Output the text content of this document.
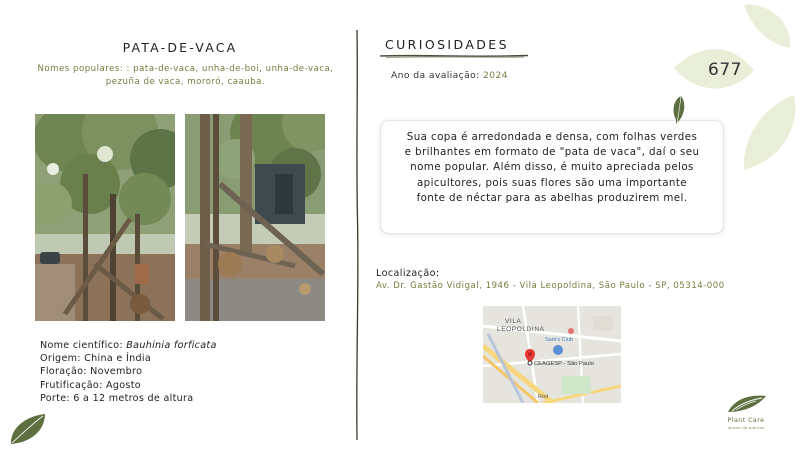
PATA-DE-VACA
Nomes populares: : pata-de-vaca, unha-de-boi, unha-de-vaca, pezuña de vaca, mororó, caauba.
Nome científico: Bauhinia forficata
Origem: China e Índia
Floração: Novembro
Frutificação: Agosto
Porte: 6 a 12 metros de altura
CURIOSIDADES
Ano da avaliação: 2024

Sua copa é arredondada e densa, com folhas verdes e brilhantes em formato de "pata de vaca", daí o seu nome popular. Além disso, é muito apreciada pelos apicultores, pois suas flores são uma importante fonte de néctar para as abelhas produzirem mel.

Localização:
Av. Dr. Gastão Vidigal, 1946 - Vila Leopoldina, São Paulo - SP, 05314-000
VILA
LEOPOLDINA
Sam's Club
CEAGESP - São Paulo
Rod
677
Plant Care
jardim de plantas
